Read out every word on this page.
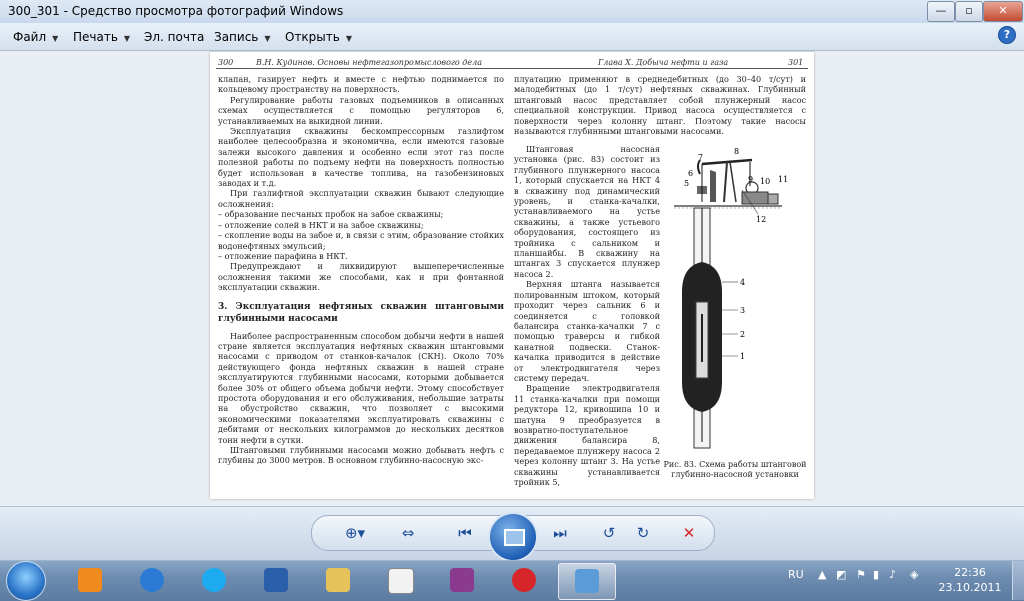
300_301 - Средство просмотра фотографий Windows	—	▫	✕
Файл ▼ Печать ▼ Эл. почта Запись ▼ Открыть ▼	?
300	В.Н. Кудинов. Основы нефтегазопромыслового дела	Глава X. Добыча нефти и газа	301

клапан, газирует нефть и вместе с нефтью поднимается по кольцевому пространству на поверхность.

Регулирование работы газовых подъемников в описанных схемах осуществляется с помощью регуляторов 6, устанавливаемых на выкидной линии.

Эксплуатация скважины бескомпрессорным газлифтом наиболее целесообразна и экономична, если имеются газовые залежи высокого давления и особенно если этот газ после полезной работы по подъему нефти на поверхность полностью будет использован в качестве топлива, на газобензиновых заводах и т.д.

При газлифтной эксплуатации скважин бывают следующие осложнения:

– образование песчаных пробок на забое скважины;

– отложение солей в НКТ и на забое скважины;

– скопление воды на забое и, в связи с этим, образование стойких водонефтяных эмульсий;

– отложение парафина в НКТ.

Предупреждают и ликвидируют вышеперечисленные осложнения такими же способами, как и при фонтанной эксплуатации скважин.

3. Эксплуатация нефтяных скважин штанговыми глубинными насосами

Наиболее распространенным способом добычи нефти в нашей стране является эксплуатация нефтяных скважин штанговыми насосами с приводом от станков-качалок (СКН). Около 70% действующего фонда нефтяных скважин в нашей стране эксплуатируются глубинными насосами, которыми добывается более 30% от общего объема добычи нефти. Этому способствует простота оборудования и его обслуживания, небольшие затраты на обустройство скважин, что позволяет с высокими экономическими показателями эксплуатировать скважины с дебитами от нескольких килограммов до нескольких десятков тонн нефти в сутки.

Штанговыми глубинными насосами можно добывать нефть с глубины до 3000 метров. В основном глубинно-насосную экс-

плуатацию применяют в среднедебитных (до 30–40 т/сут) и малодебитных (до 1 т/сут) нефтяных скважинах. Глубинный штанговый насос представляет собой плунжерный насос специальной конструкции. Привод насоса осуществляется с поверхности через колонну штанг. Поэтому такие насосы называются глубинными штанговыми насосами.

Штанговая насосная установка (рис. 83) состоит из глубинного плунжерного насоса 1, который спускается на НКТ 4 в скважину под динамический уровень, и станка-качалки, устанавливаемого на устье скважины, а также устьевого оборудования, состоящего из тройника с сальником и планшайбы. В скважину на штангах 3 спускается плунжер насоса 2.

Верхняя штанга называется полированным штоком, который проходит через сальник 6 и соединяется с головкой балансира станка-качалки 7 с помощью траверсы и гибкой канатной подвески. Станок-качалка приводится в действие от электродвигателя через систему передач.

Вращение электродвигателя 11 станка-качалки при помощи редуктора 12, кривошипа 10 и шатуна 9 преобразуется в возвратно-поступательное движения балансира 8, передаваемое плунжеру насоса 2 через колонну штанг 3. На устье скважины устанавливается тройник 5,

8
7
6
5	9 10 11
12
4
3
2
1
Рис. 83. Схема работы штанговой глубинно-насосной установки
⊕▾	⇔	⏮	⏭	↺	↻	✕
RU ▲ ◩ ⚑ ▮ ♪ ◈	22:36
23.10.2011
